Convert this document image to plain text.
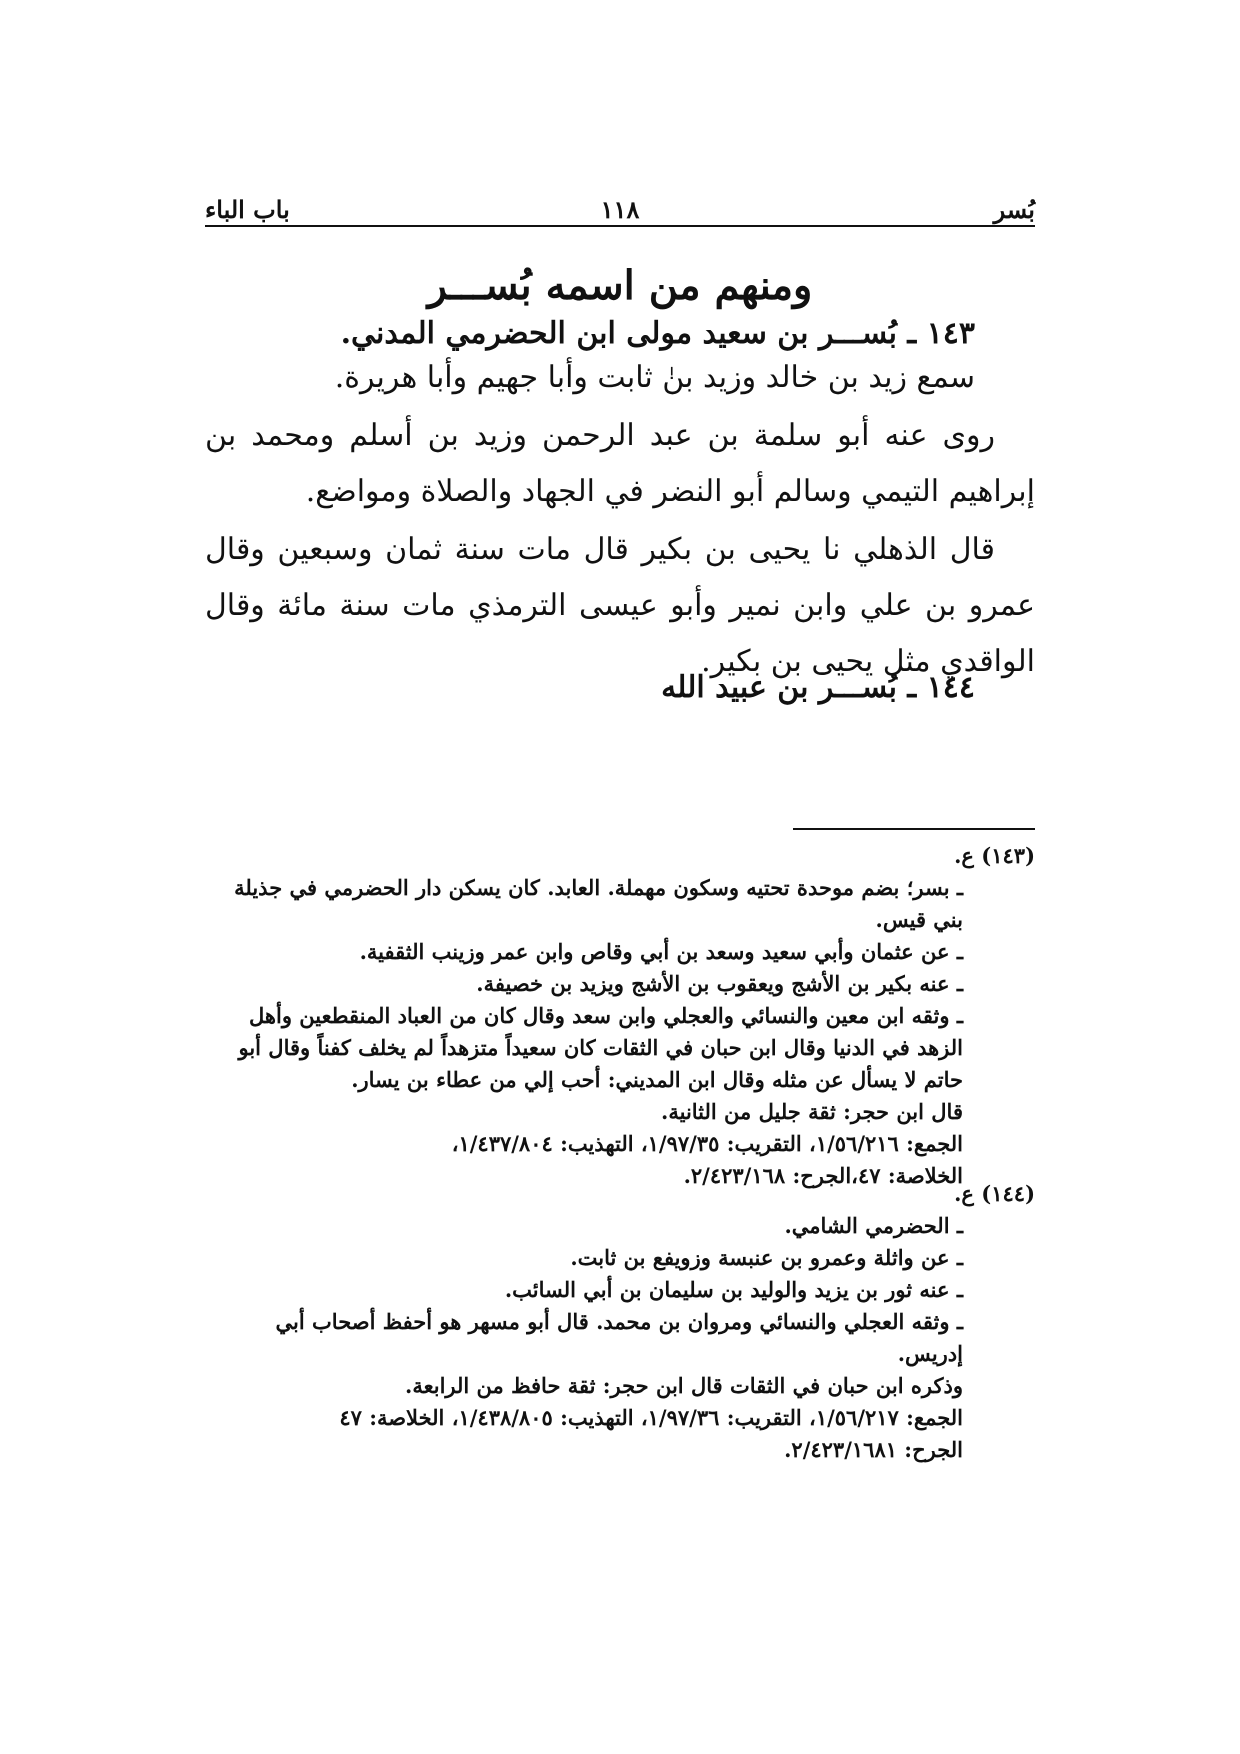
بُسر
١١٨
باب الباء
ومنهم من اسمه بُســـر
١٤٣ ـ بُســـر بن سعيد مولى ابن الحضرمي المدني.
سمع زيد بن خالد وزيد بنٰ ثابت وأبا جهيم وأبا هريرة.
روى عنه أبو سلمة بن عبد الرحمن وزيد بن أسلم ومحمد بن إبراهيم التيمي وسالم أبو النضر في الجهاد والصلاة ومواضع.
قال الذهلي نا يحيى بن بكير قال مات سنة ثمان وسبعين وقال عمرو بن علي وابن نمير وأبو عيسى الترمذي مات سنة مائة وقال الواقدي مثل يحيى بن بكير.
١٤٤ ـ بُســـر بن عبيد الله
(١٤٣) ع.
ـ بسر؛ بضم موحدة تحتيه وسكون مهملة. العابد. كان يسكن دار الحضرمي في جذيلة بني قيس.
ـ عن عثمان وأبي سعيد وسعد بن أبي وقاص وابن عمر وزينب الثقفية.
ـ عنه بكير بن الأشج ويعقوب بن الأشج ويزيد بن خصيفة.
ـ وثقه ابن معين والنسائي والعجلي وابن سعد وقال كان من العباد المنقطعين وأهل الزهد في الدنيا وقال ابن حبان في الثقات كان سعيداً متزهداً لم يخلف كفناً وقال أبو حاتم لا يسأل عن مثله وقال ابن المديني: أحب إلي من عطاء بن يسار.
قال ابن حجر: ثقة جليل من الثانية.
الجمع: ١/٥٦/٢١٦، التقريب: ١/٩٧/٣٥، التهذيب: ١/٤٣٧/٨٠٤،
الخلاصة: ٤٧،الجرح: ٢/٤٢٣/١٦٨.
(١٤٤) ع.
ـ الحضرمي الشامي.
ـ عن واثلة وعمرو بن عنبسة وزويفع بن ثابت.
ـ عنه ثور بن يزيد والوليد بن سليمان بن أبي السائب.
ـ وثقه العجلي والنسائي ومروان بن محمد. قال أبو مسهر هو أحفظ أصحاب أبي إدريس.
وذكره ابن حبان في الثقات قال ابن حجر: ثقة حافظ من الرابعة.
الجمع: ١/٥٦/٢١٧، التقريب: ١/٩٧/٣٦، التهذيب: ١/٤٣٨/٨٠٥، الخلاصة: ٤٧
الجرح: ٢/٤٢٣/١٦٨١.
